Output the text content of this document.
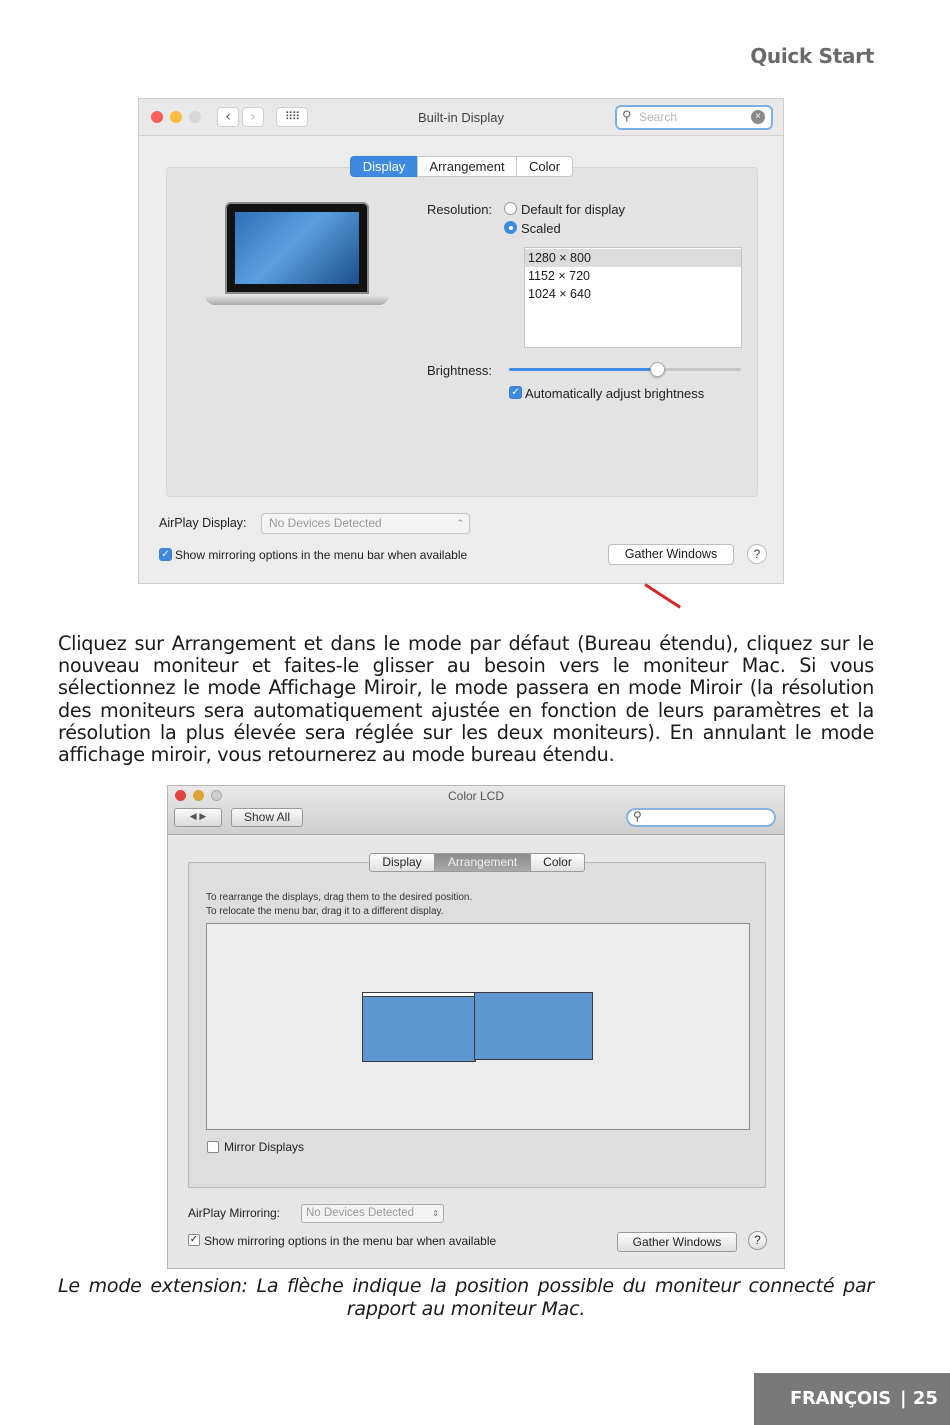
Quick Start
‹	›	⠿⠿	Built-in Display	⚲ Search	×
Display	Arrangement	Color
Resolution: Default for display
Scaled
1280 × 800
1152 × 720
1024 × 640
Brightness:
✓ Automatically adjust brightness
AirPlay Display:	No Devices Detected	⌃

✓ Show mirroring options in the menu bar when available	Gather Windows	?
Cliquez sur Arrangement et dans le mode par défaut (Bureau étendu), cliquez sur le nouveau moniteur et faites-le glisser au besoin vers le moniteur Mac. Si vous sélectionnez le mode Affichage Miroir, le mode passera en mode Miroir (la résolution des moniteurs sera automatiquement ajustée en fonction de leurs paramètres et la résolution la plus élevée sera réglée sur les deux moniteurs). En annulant le mode affichage miroir, vous retournerez au mode bureau étendu.
Color LCD
◀ ▶	Show All	⚲
Display	Arrangement	Color
To rearrange the displays, drag them to the desired position.
To relocate the menu bar, drag it to a different display.
Mirror Displays
AirPlay Mirroring:	No Devices Detected ⇕
✓ Show mirroring options in the menu bar when available	Gather Windows	?
Le mode extension: La flèche indique la position possible du moniteur connecté par
rapport au moniteur Mac.
FRANÇOIS | 25
